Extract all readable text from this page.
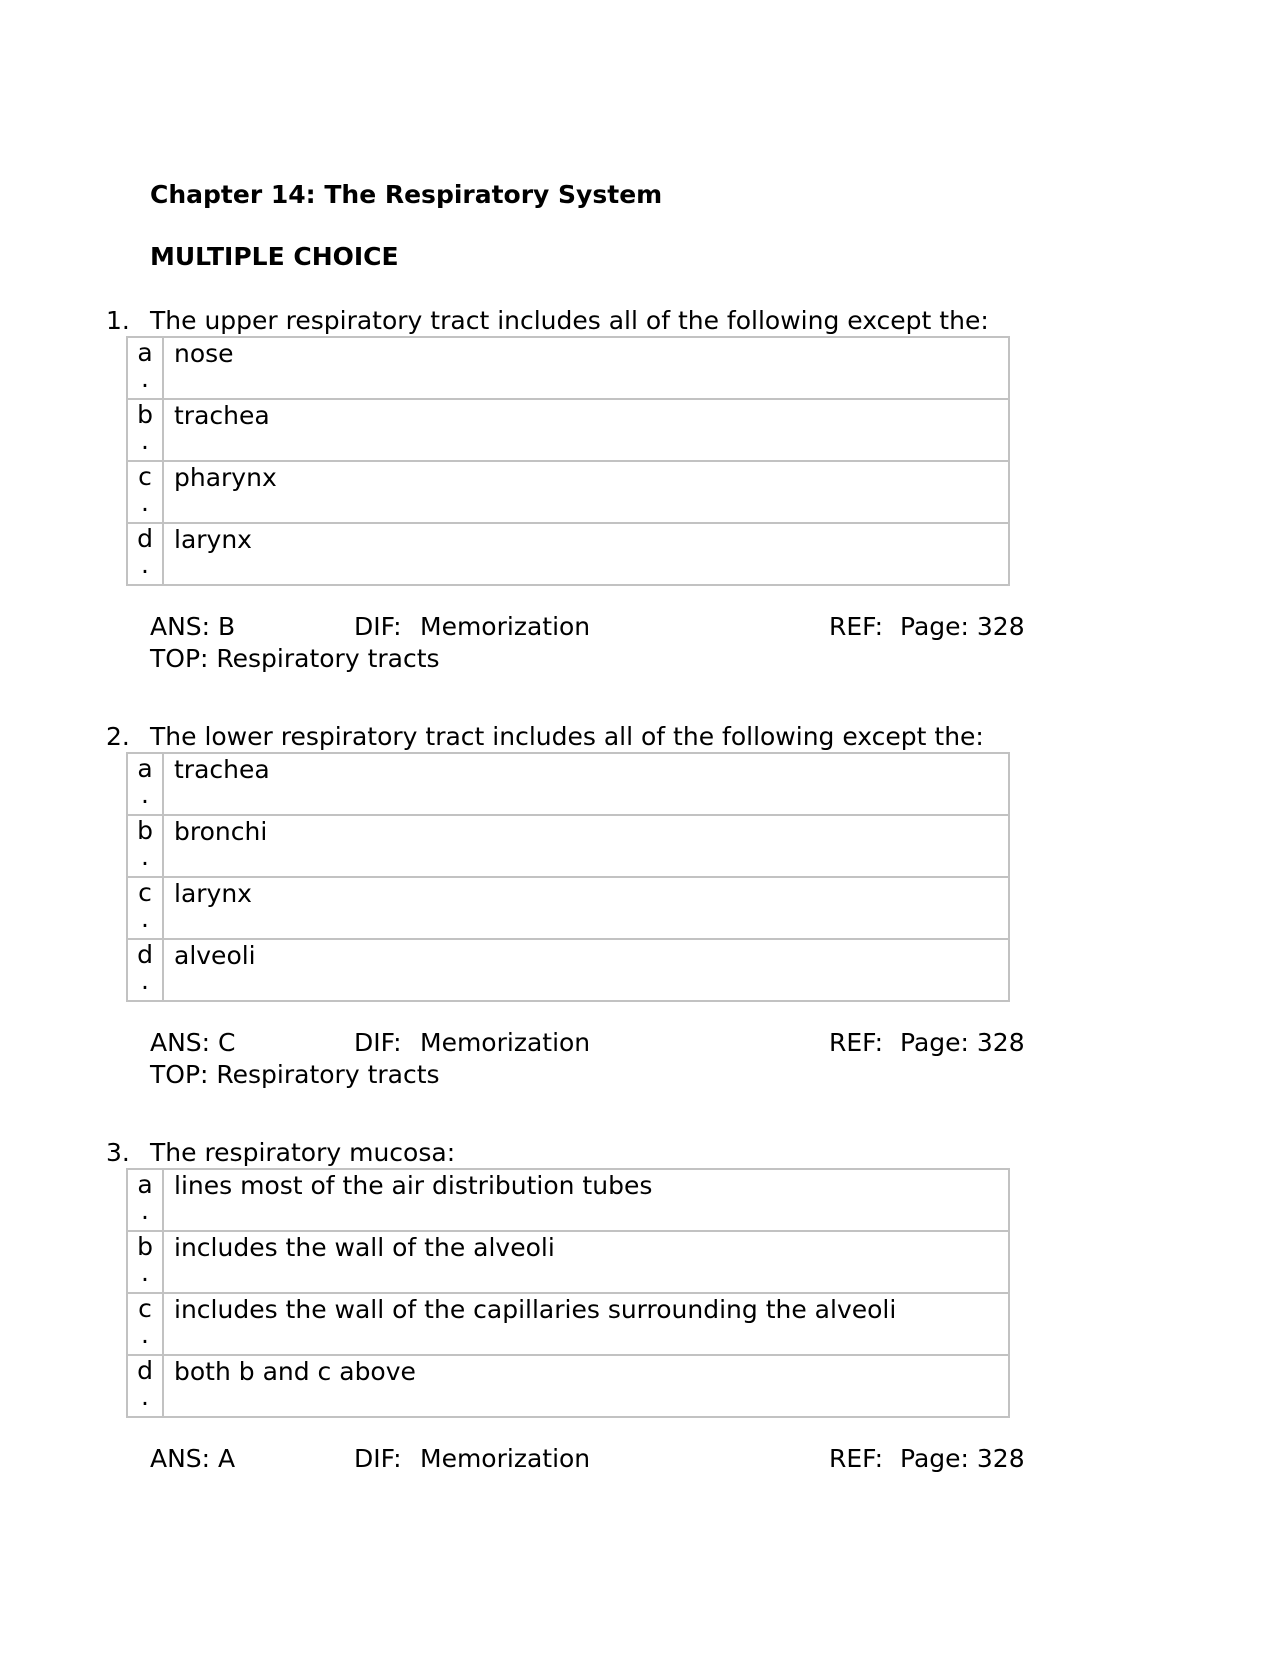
Chapter 14: The Respiratory System
MULTIPLE CHOICE
1. The upper respiratory tract includes all of the following except the:
a
.	nose
b
.	trachea
c
.	pharynx
d
.	larynx
ANS: B	DIF: Memorization	REF: Page: 328
TOP: Respiratory tracts
2. The lower respiratory tract includes all of the following except the:
a
.	trachea
b
.	bronchi
c
.	larynx
d
.	alveoli
ANS: C	DIF: Memorization	REF: Page: 328
TOP: Respiratory tracts
3. The respiratory mucosa:
a
.	lines most of the air distribution tubes
b
.	includes the wall of the alveoli
c
.	includes the wall of the capillaries surrounding the alveoli
d
.	both b and c above
ANS: A	DIF: Memorization	REF: Page: 328
